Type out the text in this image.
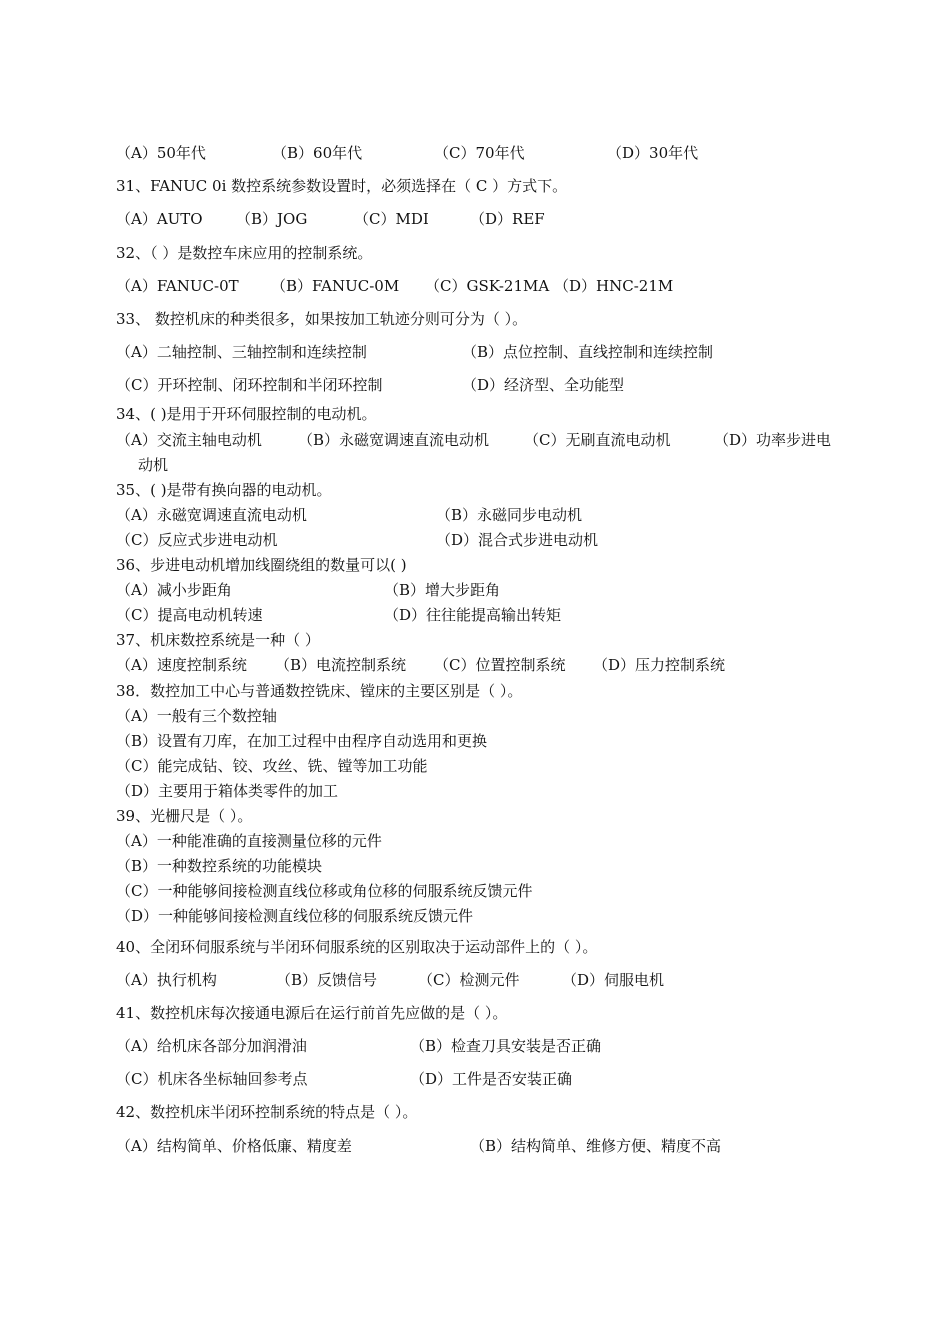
（A）50年代	（B）60年代	（C）70年代	（D）30年代
31、FANUC 0i 数控系统参数设置时，必须选择在（ C ）方式下。
（A）AUTO （B）JOG	（C）MDI	（D）REF
32、（ ）是数控车床应用的控制系统。
（A）FANUC-0T （B）FANUC-0M （C）GSK-21MA （D）HNC-21M
33、 数控机床的种类很多，如果按加工轨迹分则可分为（ ）。
（A）二轴控制、三轴控制和连续控制	（B）点位控制、直线控制和连续控制
（C）开环控制、闭环控制和半闭环控制	（D）经济型、全功能型
34、( )是用于开环伺服控制的电动机。
（A）交流主轴电动机 （B）永磁宽调速直流电动机 （C）无刷直流电动机	（D）功率步进电
动机
35、( )是带有换向器的电动机。
（A）永磁宽调速直流电动机	（B）永磁同步电动机
（C）反应式步进电动机	（D）混合式步进电动机
36、步进电动机增加线圈绕组的数量可以( )
（A）减小步距角	（B）增大步距角
（C）提高电动机转速	（D）往往能提高输出转矩
37、机床数控系统是一种（ ）
（A）速度控制系统 （B）电流控制系统 （C）位置控制系统 （D）压力控制系统
38．数控加工中心与普通数控铣床、镗床的主要区别是（ ）。
（A）一般有三个数控轴
（B）设置有刀库，在加工过程中由程序自动选用和更换
（C）能完成钻、铰、攻丝、铣、镗等加工功能
（D）主要用于箱体类零件的加工
39、光栅尺是（ ）。
（A）一种能准确的直接测量位移的元件
（B）一种数控系统的功能模块
（C）一种能够间接检测直线位移或角位移的伺服系统反馈元件
（D）一种能够间接检测直线位移的伺服系统反馈元件
40、全闭环伺服系统与半闭环伺服系统的区别取决于运动部件上的（ ）。
（A）执行机构	（B）反馈信号	（C）检测元件	（D）伺服电机
41、数控机床每次接通电源后在运行前首先应做的是（ ）。
（A）给机床各部分加润滑油	（B）检查刀具安装是否正确
（C）机床各坐标轴回参考点	（D）工件是否安装正确
42、数控机床半闭环控制系统的特点是（ ）。
（A）结构简单、价格低廉、精度差	（B）结构简单、维修方便、精度不高
